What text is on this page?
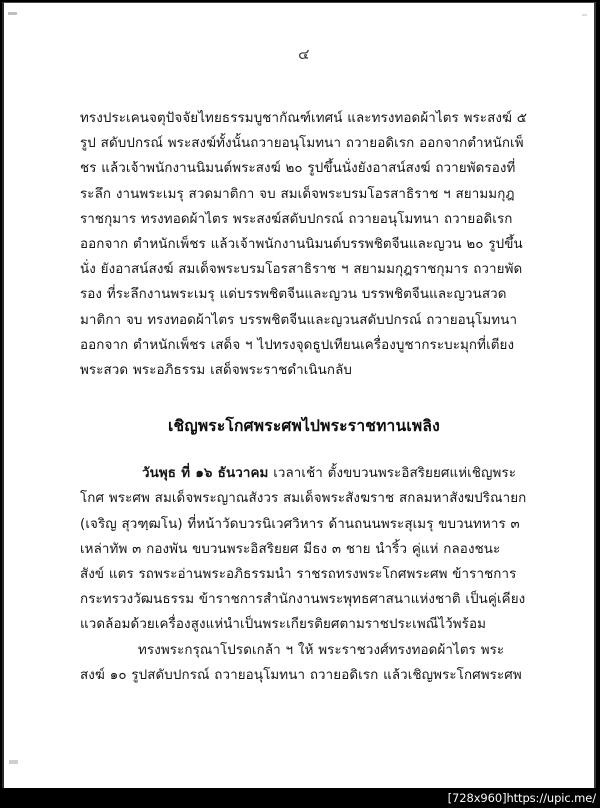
๔

ทรงประเคนจตุปัจจัยไทยธรรมบูชากัณฑ์เทศน์ และทรงทอดผ้าไตร พระสงฆ์ ๕ รูป สดับปกรณ์ พระสงฆ์ทั้งนั้นถวายอนุโมทนา ถวายอดิเรก ออกจากตำหนักเพ็ชร แล้วเจ้าพนักงานนิมนต์พระสงฆ์ ๒๐ รูปขึ้นนั่งยังอาสน์สงฆ์ ถวายพัดรองที่ระลึก งานพระเมรุ สวดมาติกา จบ สมเด็จพระบรมโอรสาธิราช ฯ สยามมกุฎราชกุมาร ทรงทอดผ้าไตร พระสงฆ์สดับปกรณ์ ถวายอนุโมทนา ถวายอดิเรก ออกจาก ตำหนักเพ็ชร แล้วเจ้าพนักงานนิมนต์บรรพชิตจีนและญวน ๒๐ รูปขึ้นนั่ง ยังอาสน์สงฆ์ สมเด็จพระบรมโอรสาธิราช ฯ สยามมกุฎราชกุมาร ถวายพัดรอง ที่ระลึกงานพระเมรุ แด่บรรพชิตจีนและญวน บรรพชิตจีนและญวนสวดมาติกา จบ ทรงทอดผ้าไตร บรรพชิตจีนและญวนสดับปกรณ์ ถวายอนุโมทนา ออกจาก ตำหนักเพ็ชร เสด็จ ฯ ไปทรงจุดธูปเทียนเครื่องบูชากระบะมุกที่เตียงพระสวด พระอภิธรรม เสด็จพระราชดำเนินกลับ

เชิญพระโกศพระศพไปพระราชทานเพลิง

วันพุธ ที่ ๑๖ ธันวาคม เวลาเช้า ตั้งขบวนพระอิสริยยศแห่เชิญพระโกศ พระศพ สมเด็จพระญาณสังวร สมเด็จพระสังฆราช สกลมหาสังฆปริณายก (เจริญ สุวฑฺฒโน) ที่หน้าวัดบวรนิเวศวิหาร ด้านถนนพระสุเมรุ ขบวนทหาร ๓ เหล่าทัพ ๓ กองพัน ขบวนพระอิสริยยศ มีธง ๓ ชาย นำริ้ว คู่แห่ กลองชนะ สังข์ แตร รถพระอ่านพระอภิธรรมนำ ราชรถทรงพระโกศพระศพ ข้าราชการ กระทรวงวัฒนธรรม ข้าราชการสำนักงานพระพุทธศาสนาแห่งชาติ เป็นคู่เคียง แวดล้อมด้วยเครื่องสูงแห่นำเป็นพระเกียรติยศตามราชประเพณีไว้พร้อม

ทรงพระกรุณาโปรดเกล้า ฯ ให้ พระราชวงศ์ทรงทอดผ้าไตร พระสงฆ์ ๑๐ รูปสดับปกรณ์ ถวายอนุโมทนา ถวายอดิเรก แล้วเชิญพระโกศพระศพ

[728x960] https://upic.me/
